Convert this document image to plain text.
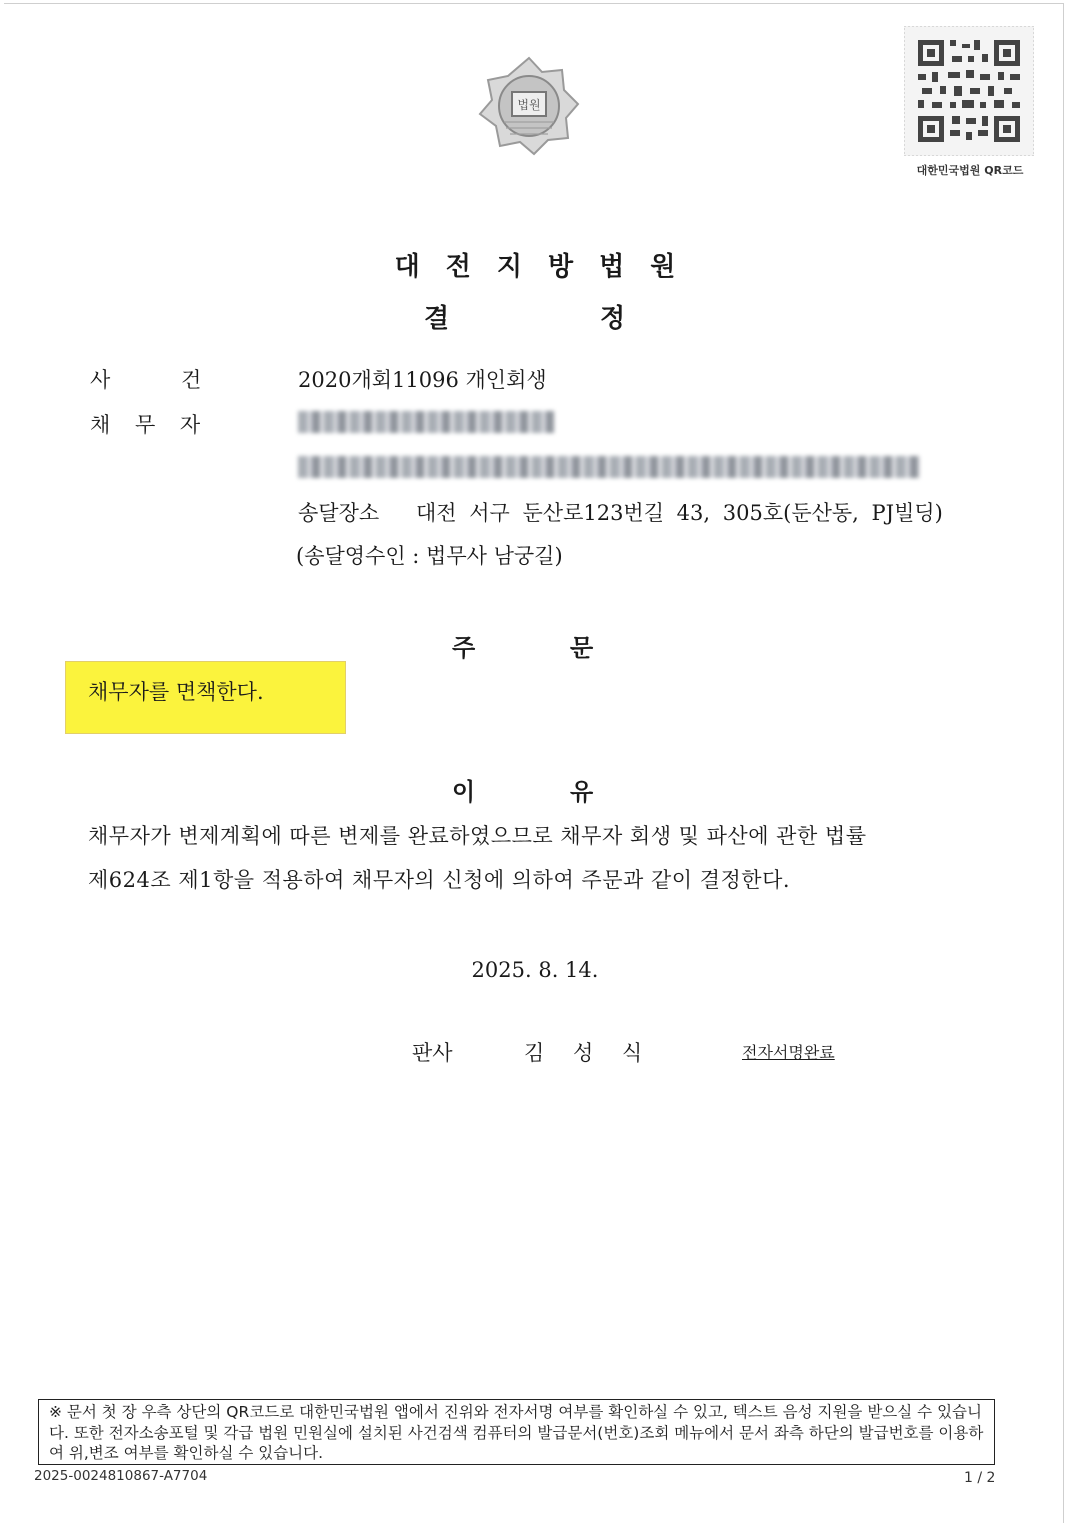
법원
대한민국법원 QR코드
대전지방법원
결	정
사 건	2020개회11096 개인회생
채 무 자
송달장소 대전 서구 둔산로123번길 43, 305호(둔산동, PJ빌딩)
(송달영수인 : 법무사 남궁길)
주	문
채무자를 면책한다.
이	유
채무자가 변제계획에 따른 변제를 완료하였으므로 채무자 회생 및 파산에 관한 법률
제624조 제1항을 적용하여 채무자의 신청에 의하여 주문과 같이 결정한다.
2025. 8. 14.
판사	김 성 식	전자서명완료
※ 문서 첫 장 우측 상단의 QR코드로 대한민국법원 앱에서 진위와 전자서명 여부를 확인하실 수 있고, 텍스트 음성 지원을 받으실 수 있습니다. 또한 전자소송포털 및 각급 법원 민원실에 설치된 사건검색 컴퓨터의 발급문서(번호)조회 메뉴에서 문서 좌측 하단의 발급번호를 이용하여 위,변조 여부를 확인하실 수 있습니다.
2025-0024810867-A7704	1 / 2
